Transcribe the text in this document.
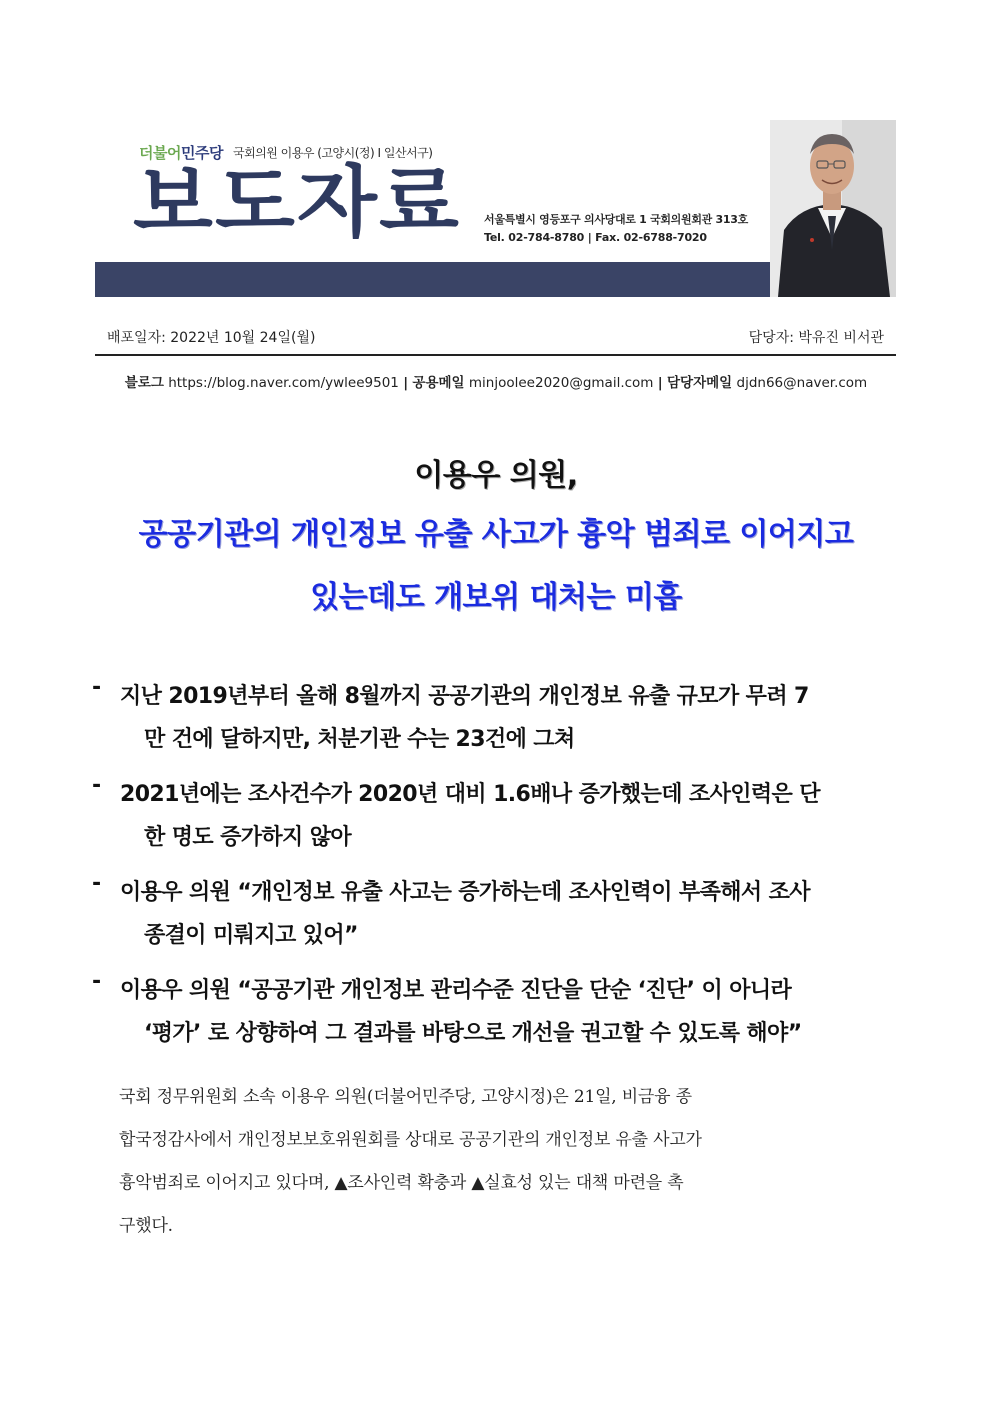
더불어민주당 국회의원 이용우 (고양시(정) I 일산서구)
보도자료 서울특별시 영등포구 의사당대로 1 국회의원회관 313호
Tel. 02-784-8780 | Fax. 02-6788-7020
배포일자: 2022년 10월 24일(월)	담당자: 박유진 비서관
블로그 https://blog.naver.com/ywlee9501 | 공용메일 minjoolee2020@gmail.com | 담당자메일 djdn66@naver.com
이용우 의원,
공공기관의 개인정보 유출 사고가 흉악 범죄로 이어지고
있는데도 개보위 대처는 미흡
- 지난 2019년부터 올해 8월까지 공공기관의 개인정보 유출 규모가 무려 7
만 건에 달하지만, 처분기관 수는 23건에 그쳐
- 2021년에는 조사건수가 2020년 대비 1.6배나 증가했는데 조사인력은 단
한 명도 증가하지 않아
- 이용우 의원 “개인정보 유출 사고는 증가하는데 조사인력이 부족해서 조사
종결이 미뤄지고 있어”
- 이용우 의원 “공공기관 개인정보 관리수준 진단을 단순 ‘진단’ 이 아니라
‘평가’ 로 상향하여 그 결과를 바탕으로 개선을 권고할 수 있도록 해야”
국회 정무위원회 소속 이용우 의원(더불어민주당, 고양시정)은 21일, 비금융 종
합국정감사에서 개인정보보호위원회를 상대로 공공기관의 개인정보 유출 사고가
흉악범죄로 이어지고 있다며, ▲조사인력 확충과 ▲실효성 있는 대책 마련을 촉
구했다.
